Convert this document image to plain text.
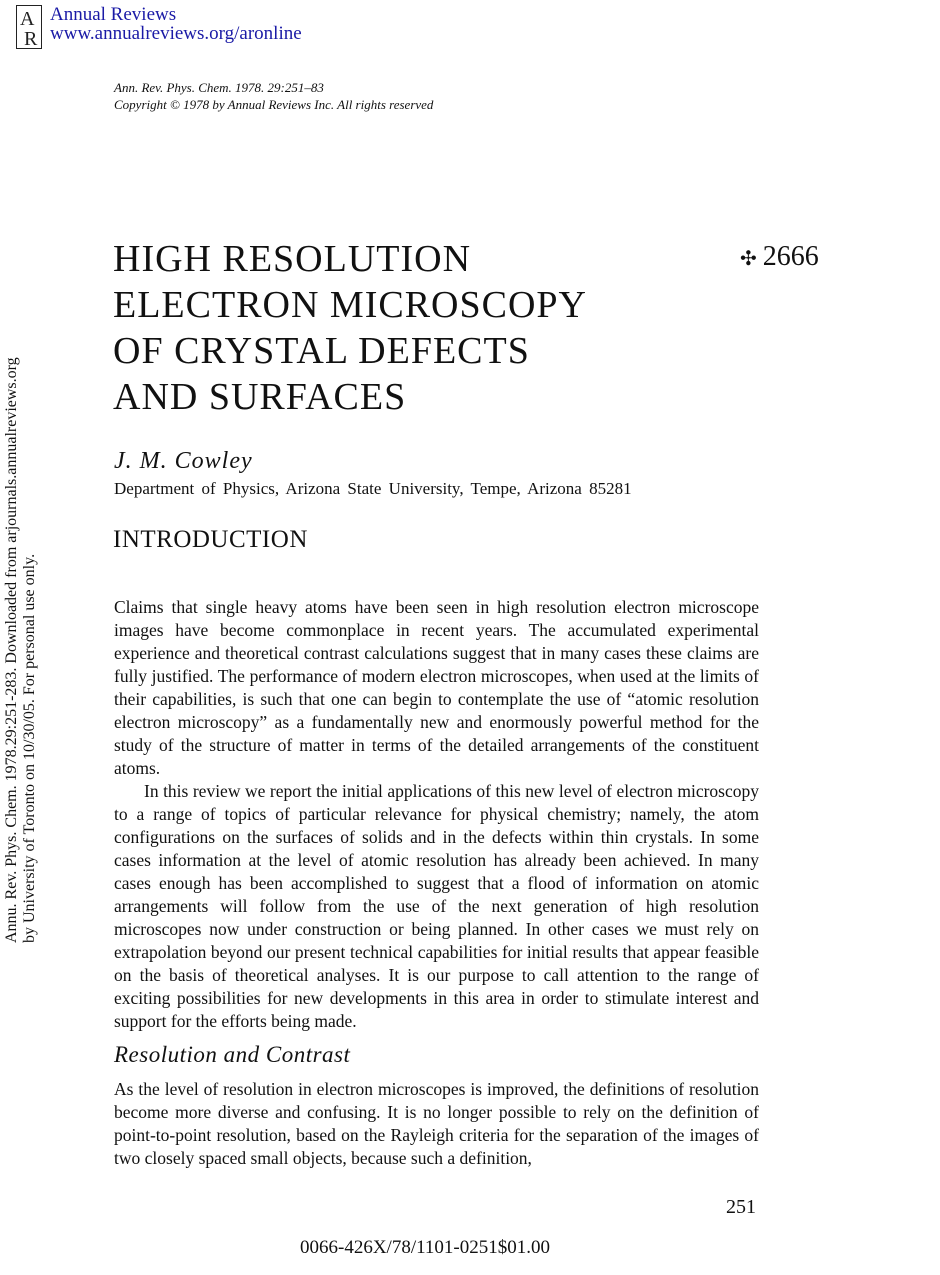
A
R
Annual Reviews
www.annualreviews.org/aronline
Ann. Rev. Phys. Chem. 1978. 29:251–83
Copyright © 1978 by Annual Reviews Inc. All rights reserved
HIGH RESOLUTION
ELECTRON MICROSCOPY
OF CRYSTAL DEFECTS
AND SURFACES
✣ 2666
J. M. Cowley
Department of Physics, Arizona State University, Tempe, Arizona 85281
INTRODUCTION

Claims that single heavy atoms have been seen in high resolution electron microscope images have become commonplace in recent years. The accumulated experimental experience and theoretical contrast calculations suggest that in many cases these claims are fully justified. The performance of modern electron microscopes, when used at the limits of their capabilities, is such that one can begin to contemplate the use of “atomic resolution electron microscopy” as a fundamentally new and enormously powerful method for the study of the structure of matter in terms of the detailed arrangements of the constituent atoms.

In this review we report the initial applications of this new level of electron microscopy to a range of topics of particular relevance for physical chemistry; namely, the atom configurations on the surfaces of solids and in the defects within thin crystals. In some cases information at the level of atomic resolution has already been achieved. In many cases enough has been accomplished to suggest that a flood of information on atomic arrangements will follow from the use of the next generation of high resolution microscopes now under construction or being planned. In other cases we must rely on extrapolation beyond our present technical capabilities for initial results that appear feasible on the basis of theoretical analyses. It is our purpose to call attention to the range of exciting possibilities for new developments in this area in order to stimulate interest and support for the efforts being made.

Resolution and Contrast

As the level of resolution in electron microscopes is improved, the definitions of resolution become more diverse and confusing. It is no longer possible to rely on the definition of point-to-point resolution, based on the Rayleigh criteria for the separation of the images of two closely spaced small objects, because such a definition,

251
0066-426X/78/1101-0251$01.00
Annu. Rev. Phys. Chem. 1978.29:251-283. Downloaded from arjournals.annualreviews.org by University of Toronto on 10/30/05. For personal use only.
